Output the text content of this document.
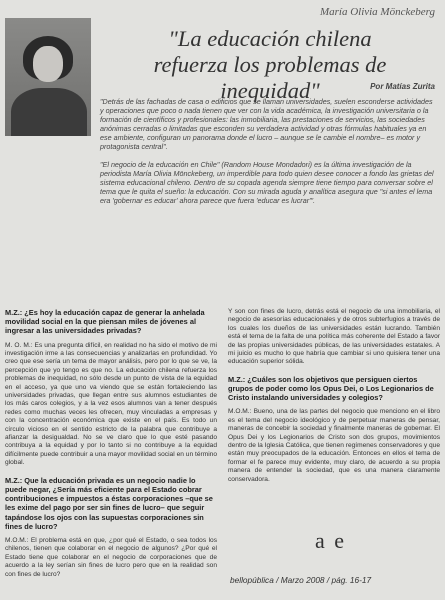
María Olivia Mönckeberg
"La educación chilena
refuerza los problemas de inequidad"	Por Matías Zurita

"Detrás de las fachadas de casa o edificios que se llaman universidades, suelen esconderse actividades y operaciones que poco o nada tienen que ver con la vida académica, la investigación universitaria o la formación de científicos y profesionales: las inmobiliaria, las prestaciones de servicios, las sociedades anónimas cerradas o limitadas que esconden su verdadera actividad y otras fórmulas habituales ya en ese ambiente, configuran un panorama donde el lucro – aunque se le cambie el nombre– es motor y protagonista central".

"El negocio de la educación en Chile" (Random House Mondadori) es la última investigación de la periodista María Olivia Mönckeberg, un imperdible para todo quien desee conocer a fondo las grietas del sistema educacional chileno. Dentro de su copada agenda siempre tiene tiempo para conversar sobre el tema que le quita el sueño: la educación. Con su mirada aguda y analítica asegura que "si antes el lema era 'gobernar es educar' ahora parece que fuera 'educar es lucrar'".

M.Z.: ¿Es hoy la educación capaz de generar la anhelada movilidad social en la que piensan miles de jóvenes al ingresar a las universidades privadas?

M. O. M.: Es una pregunta difícil, en realidad no ha sido el motivo de mi investigación irme a las consecuencias y analizarlas en profundidad. Yo creo que ese sería un tema de mayor análisis, pero por lo que se ve, la percepción que yo tengo es que no. La educación chilena refuerza los problemas de inequidad, no sólo desde un punto de vista de la equidad en el acceso, ya que uno va viendo que se están fortaleciendo las universidades privadas, que llegan entre sus alumnos estudiantes de los más caros colegios, y a la vez esos alumnos van a tener después redes como muchas veces les ofrecen, muy vinculadas a empresas y con la concentración económica que existe en el país. Es todo un círculo vicioso en el sentido estricto de la palabra que contribuye a afianzar la desigualdad. No se ve claro que lo que esté pasando contribuya a la equidad y por lo tanto si no contribuye a la equidad difícilmente puede contribuir a una mayor movilidad social en un término global.

M.Z.: Que la educación privada es un negocio nadie lo puede negar, ¿Sería más eficiente para el Estado cobrar contribuciones e impuestos a éstas corporaciones –que se les exime del pago por ser sin fines de lucro– que seguir tapándose los ojos con las supuestas corporaciones sin fines de lucro?

M.O.M.: El problema está en que, ¿por qué el Estado, o sea todos los chilenos, tienen que colaborar en el negocio de algunos? ¿Por qué el Estado tiene que colaborar en el negocio de corporaciones que de acuerdo a la ley serían sin fines de lucro pero que en la realidad son con fines de lucro?

Y son con fines de lucro, detrás está el negocio de una inmobiliaria, el negocio de asesorías educacionales y de otros subterfugios a través de los cuales los dueños de las universidades están lucrando. También está el tema de la falta de una política más coherente del Estado a favor de las propias universidades públicas, de las universidades estatales. A mi juicio es mucho lo que habría que cambiar si uno quisiera tener una educación superior sólida.

M.Z.: ¿Cuáles son los objetivos que persiguen ciertos grupos de poder como los Opus Dei, o Los Legionarios de Cristo instalando universidades y colegios?

M.O.M.: Bueno, una de las partes del negocio que menciono en el libro es el tema del negocio ideológico y de perpetuar maneras de pensar, maneras de concebir la sociedad y finalmente maneras de gobernar. El Opus Dei y los Legionarios de Cristo son dos grupos, movimientos dentro de la Iglesia Católica, que tienen regímenes conservadores y que están muy preocupados de la educación. Entonces en ellos el tema de formar el fe parece muy evidente, muy claro, de acuerdo a su propia manera de entender la sociedad, que es una manera claramente conservadora.

a e
bellopública / Marzo 2008 / pág. 16-17
